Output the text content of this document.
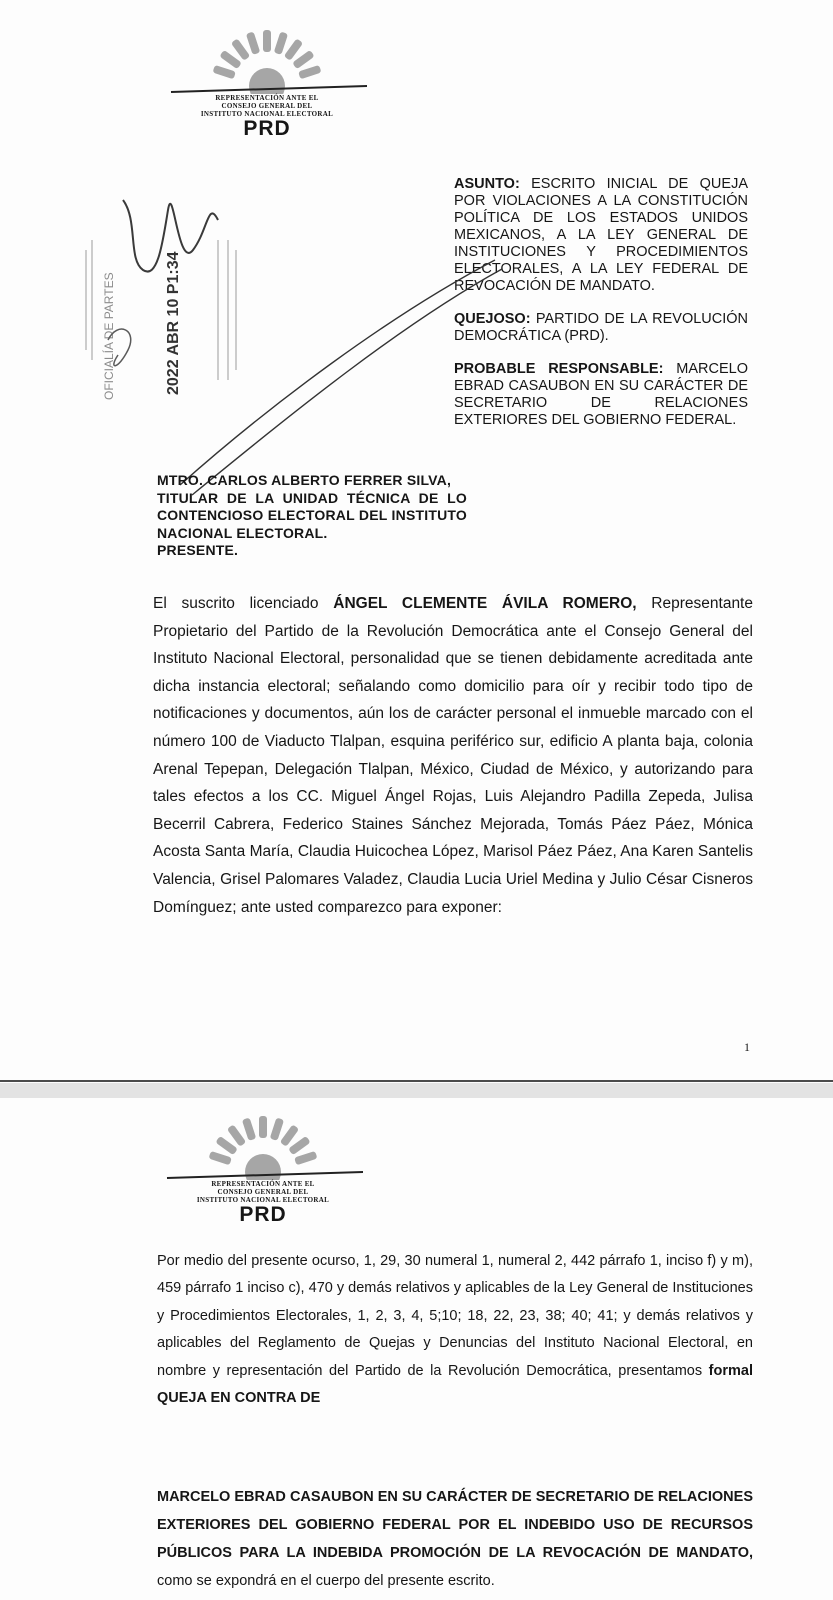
REPRESENTACIÓN ANTE EL
CONSEJO GENERAL DEL
INSTITUTO NACIONAL ELECTORAL
PRD

ASUNTO: ESCRITO INICIAL DE QUEJA POR VIOLACIONES A LA CONSTITUCIÓN POLÍTICA DE LOS ESTADOS UNIDOS MEXICANOS, A LA LEY GENERAL DE INSTITUCIONES Y PROCEDIMIENTOS ELECTORALES, A LA LEY FEDERAL DE REVOCACIÓN DE MANDATO.

QUEJOSO: PARTIDO DE LA REVOLUCIÓN DEMOCRÁTICA (PRD).

PROBABLE RESPONSABLE: MARCELO EBRAD CASAUBON EN SU CARÁCTER DE SECRETARIO DE RELACIONES EXTERIORES DEL GOBIERNO FEDERAL.

2022 ABR 10 P1:34
OFICIALÍA DE PARTES
MTRO. CARLOS ALBERTO FERRER SILVA,
TITULAR DE LA UNIDAD TÉCNICA DE LO CONTENCIOSO ELECTORAL DEL INSTITUTO NACIONAL ELECTORAL.
PRESENTE.
El suscrito licenciado ÁNGEL CLEMENTE ÁVILA ROMERO, Representante Propietario del Partido de la Revolución Democrática ante el Consejo General del Instituto Nacional Electoral, personalidad que se tienen debidamente acreditada ante dicha instancia electoral; señalando como domicilio para oír y recibir todo tipo de notificaciones y documentos, aún los de carácter personal el inmueble marcado con el número 100 de Viaducto Tlalpan, esquina periférico sur, edificio A planta baja, colonia Arenal Tepepan, Delegación Tlalpan, México, Ciudad de México, y autorizando para tales efectos a los CC. Miguel Ángel Rojas, Luis Alejandro Padilla Zepeda, Julisa Becerril Cabrera, Federico Staines Sánchez Mejorada, Tomás Páez Páez, Mónica Acosta Santa María, Claudia Huicochea López, Marisol Páez Páez, Ana Karen Santelis Valencia, Grisel Palomares Valadez, Claudia Lucia Uriel Medina y Julio César Cisneros Domínguez; ante usted comparezco para exponer:
1
REPRESENTACIÓN ANTE EL
CONSEJO GENERAL DEL
INSTITUTO NACIONAL ELECTORAL
PRD
Por medio del presente ocurso, 1, 29, 30 numeral 1, numeral 2, 442 párrafo 1, inciso f) y m), 459 párrafo 1 inciso c), 470 y demás relativos y aplicables de la Ley General de Instituciones y Procedimientos Electorales, 1, 2, 3, 4, 5;10; 18, 22, 23, 38; 40; 41; y demás relativos y aplicables del Reglamento de Quejas y Denuncias del Instituto Nacional Electoral, en nombre y representación del Partido de la Revolución Democrática, presentamos formal QUEJA EN CONTRA DE
MARCELO EBRAD CASAUBON EN SU CARÁCTER DE SECRETARIO DE RELACIONES EXTERIORES DEL GOBIERNO FEDERAL POR EL INDEBIDO USO DE RECURSOS PÚBLICOS PARA LA INDEBIDA PROMOCIÓN DE LA REVOCACIÓN DE MANDATO, como se expondrá en el cuerpo del presente escrito.
